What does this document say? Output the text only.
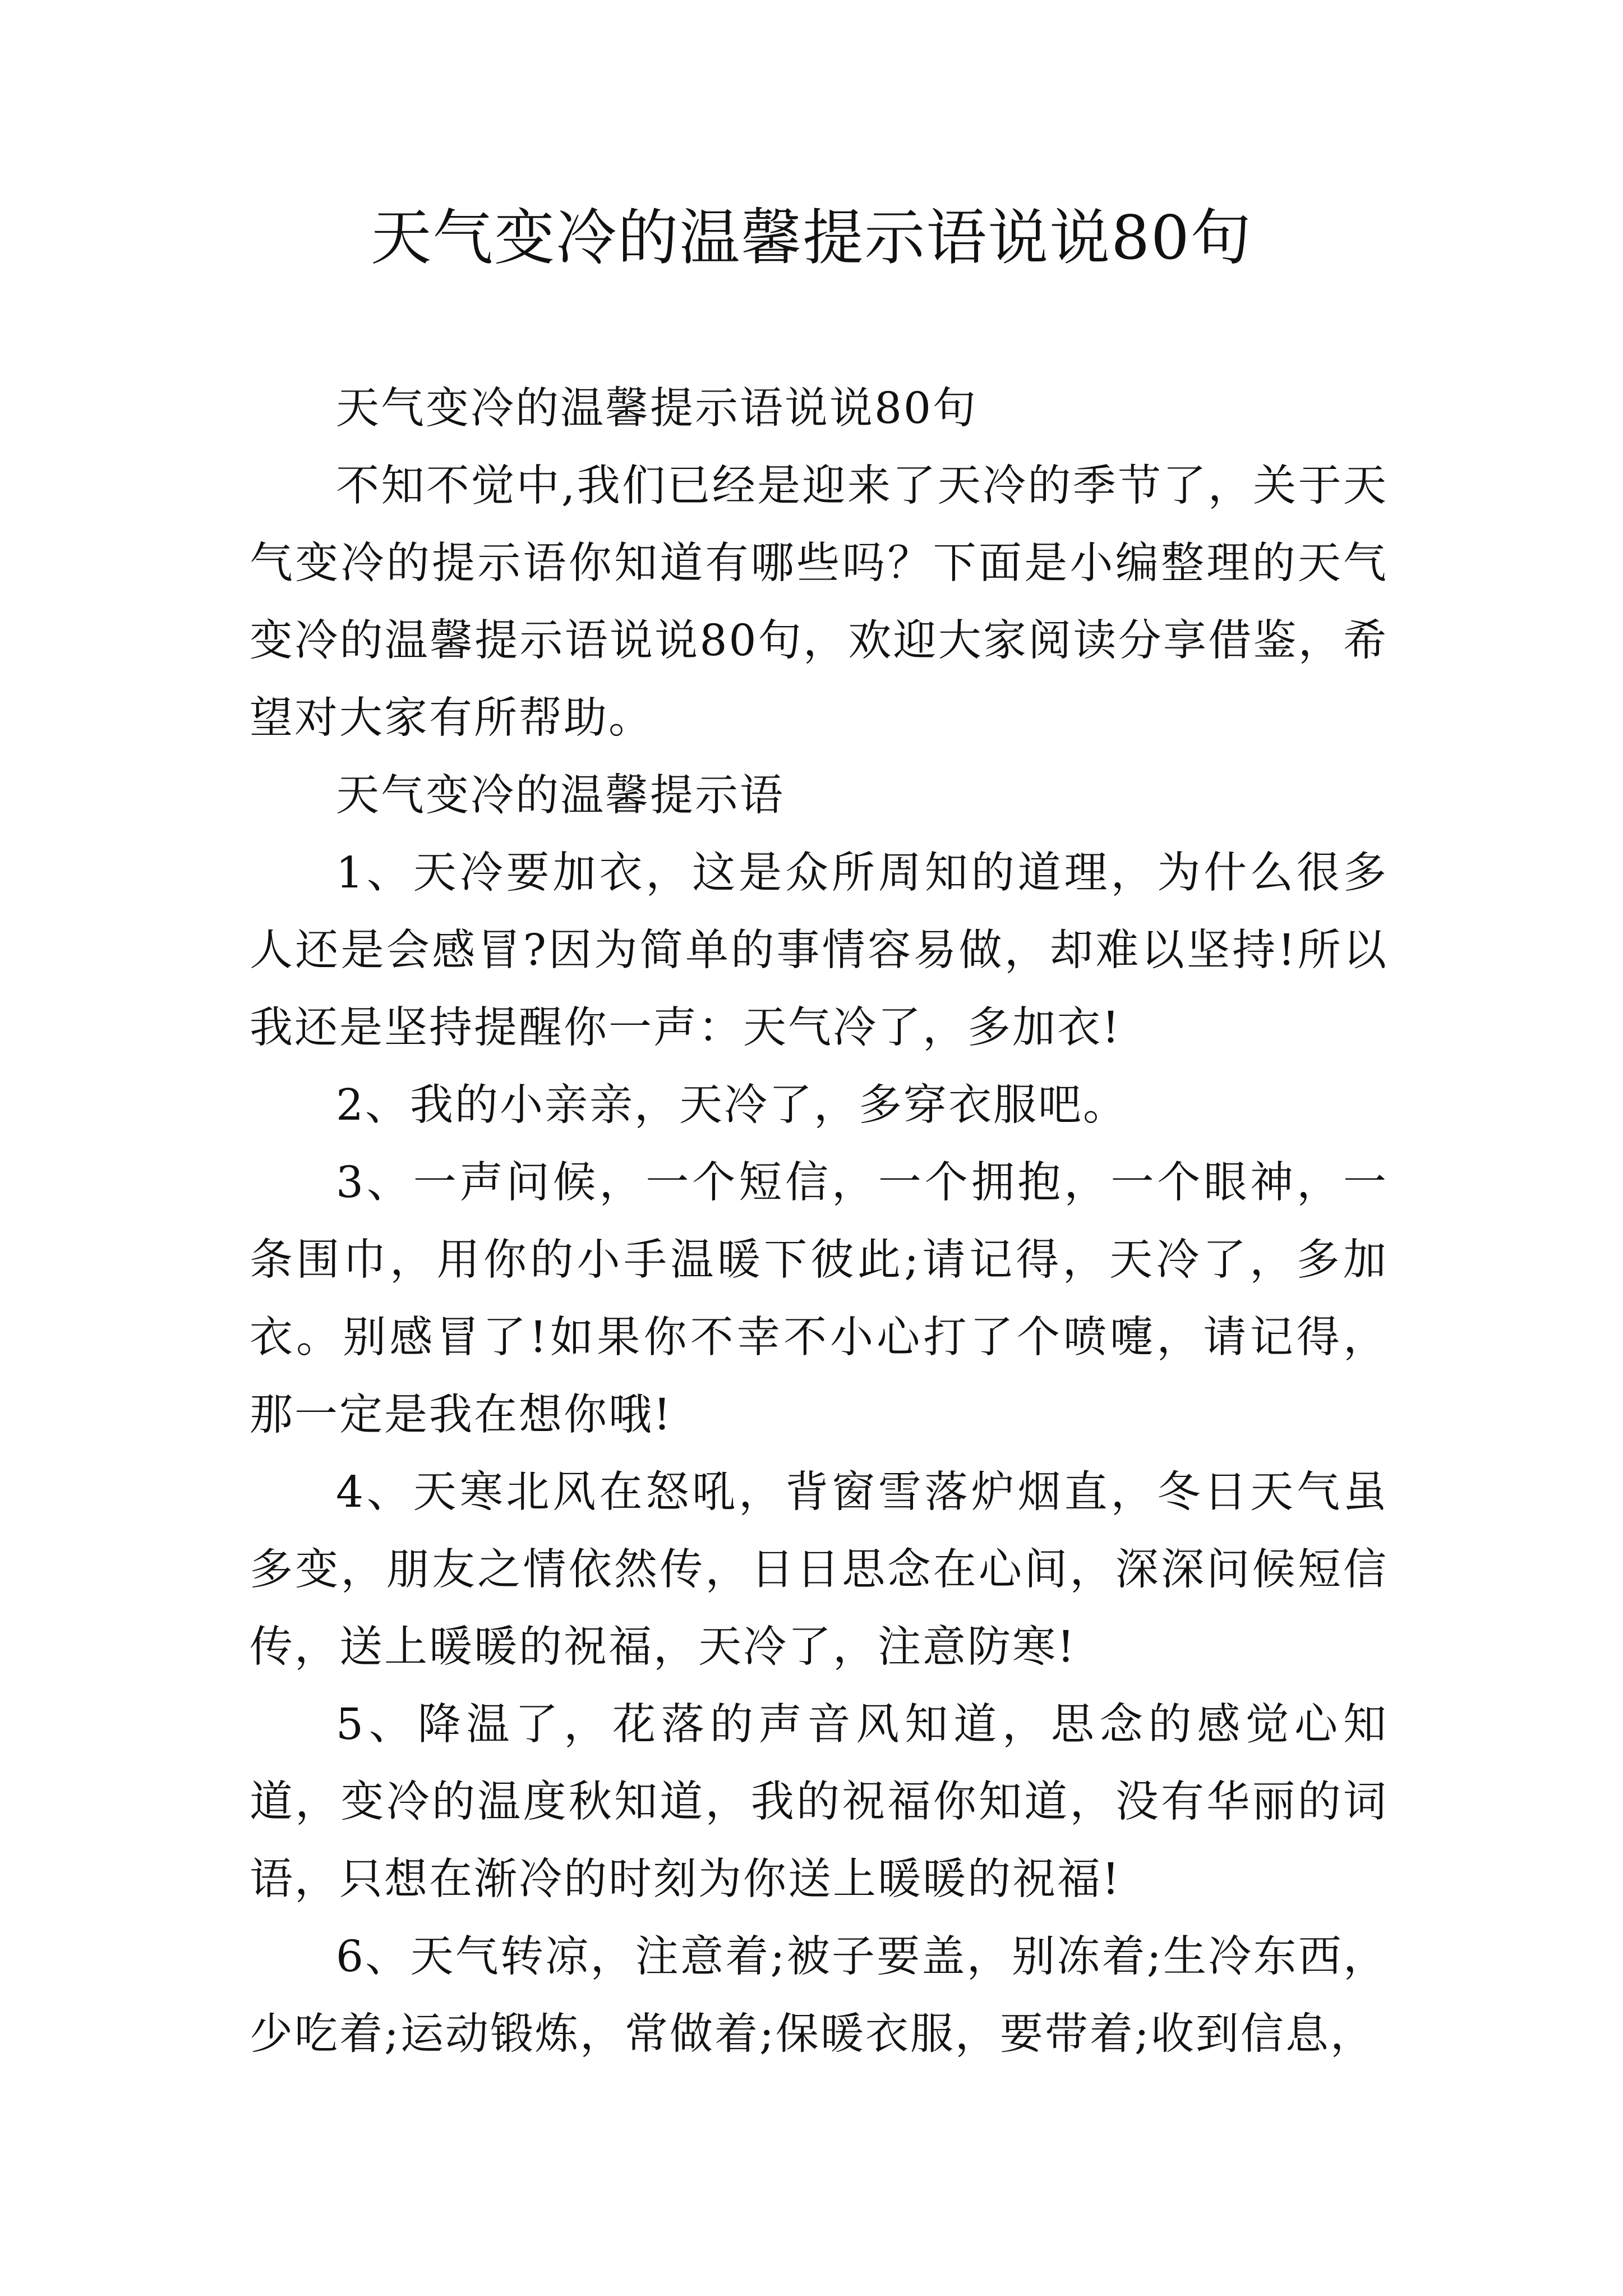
天气变冷的温馨提示语说说80句

天气变冷的温馨提示语说说80句

不知不觉中,我们已经是迎来了天冷的季节了，关于天气变冷的提示语你知道有哪些吗？下面是小编整理的天气变冷的温馨提示语说说80句，欢迎大家阅读分享借鉴，希望对大家有所帮助。

天气变冷的温馨提示语

1、天冷要加衣，这是众所周知的道理，为什么很多人还是会感冒?因为简单的事情容易做，却难以坚持!所以我还是坚持提醒你一声：天气冷了，多加衣!

2、我的小亲亲，天冷了，多穿衣服吧。

3、一声问候，一个短信，一个拥抱，一个眼神，一条围巾，用你的小手温暖下彼此;请记得，天冷了，多加衣。别感冒了!如果你不幸不小心打了个喷嚏，请记得，那一定是我在想你哦!

4、天寒北风在怒吼，背窗雪落炉烟直，冬日天气虽多变，朋友之情依然传，日日思念在心间，深深问候短信传，送上暖暖的祝福，天冷了，注意防寒!

5、降温了，花落的声音风知道，思念的感觉心知道，变冷的温度秋知道，我的祝福你知道，没有华丽的词语，只想在渐冷的时刻为你送上暖暖的祝福!

6、天气转凉，注意着;被子要盖，别冻着;生冷东西，少吃着;运动锻炼，常做着;保暖衣服，要带着;收到信息，
